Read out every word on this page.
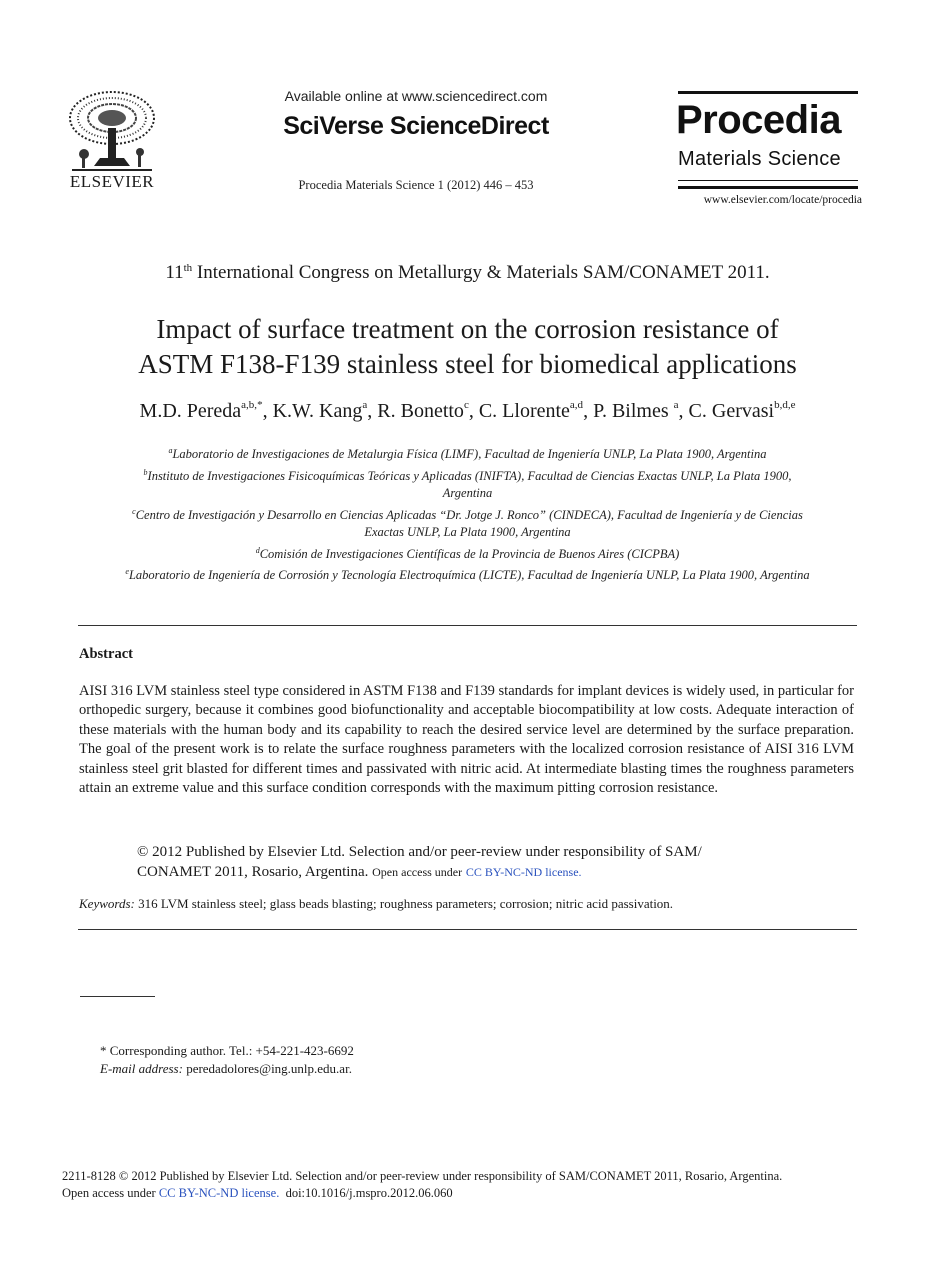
ELSEVIER
Available online at www.sciencedirect.com
SciVerse ScienceDirect
Procedia Materials Science 1 (2012) 446 – 453
Procedia
Materials Science
www.elsevier.com/locate/procedia
11th International Congress on Metallurgy & Materials SAM/CONAMET 2011.
Impact of surface treatment on the corrosion resistance of
ASTM F138-F139 stainless steel for biomedical applications
M.D. Pereda$^{a,b,*}$, K.W. Kang$^a$, R. Bonetto$^c$, C. Llorente$^{a,d}$, P. Bilmes $^a$, C. Gervasi$^{b,d,e}$
$^a$Laboratorio de Investigaciones de Metalurgia Física (LIMF), Facultad de Ingeniería UNLP, La Plata 1900, Argentina
$^b$Instituto de Investigaciones Fisicoquímicas Teóricas y Aplicadas (INIFTA), Facultad de Ciencias Exactas UNLP, La Plata 1900,
Argentina
$^c$Centro de Investigación y Desarrollo en Ciencias Aplicadas “Dr. Jotge J. Ronco” (CINDECA), Facultad de Ingeniería y de Ciencias
Exactas UNLP, La Plata 1900, Argentina
$^d$Comisión de Investigaciones Científicas de la Provincia de Buenos Aires (CICPBA)
$^e$Laboratorio de Ingeniería de Corrosión y Tecnología Electroquímica (LICTE), Facultad de Ingeniería UNLP, La Plata 1900, Argentina
Abstract
AISI 316 LVM stainless steel type considered in ASTM F138 and F139 standards for implant devices is widely used, in particular for orthopedic surgery, because it combines good biofunctionality and acceptable biocompatibility at low costs. Adequate interaction of these materials with the human body and its capability to reach the desired service level are determined by the surface preparation. The goal of the present work is to relate the surface roughness parameters with the localized corrosion resistance of AISI 316 LVM stainless steel grit blasted for different times and passivated with nitric acid. At intermediate blasting times the roughness parameters attain an extreme value and this surface condition corresponds with the maximum pitting corrosion resistance.
© 2012 Published by Elsevier Ltd. Selection and/or peer-review under responsibility of SAM/ CONAMET 2011, Rosario, Argentina. Open access under CC BY-NC-ND license.
Keywords: 316 LVM stainless steel; glass beads blasting; roughness parameters; corrosion; nitric acid passivation.
* Corresponding author. Tel.: +54-221-423-6692
E-mail address: peredadolores@ing.unlp.edu.ar.
2211-8128 © 2012 Published by Elsevier Ltd. Selection and/or peer-review under responsibility of SAM/CONAMET 2011, Rosario, Argentina.
Open access under CC BY-NC-ND license. doi:10.1016/j.mspro.2012.06.060
